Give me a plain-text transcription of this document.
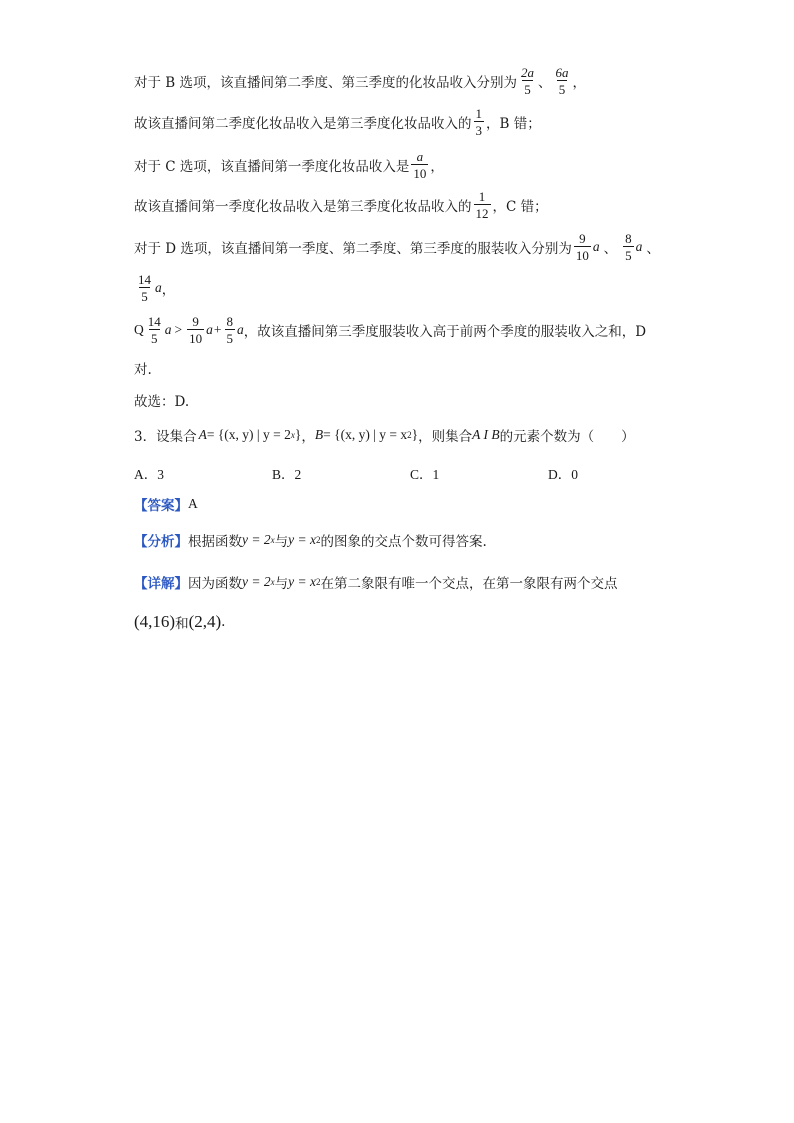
对于 B 选项，该直播间第二季度、第三季度的化妆品收入分别为 $\frac{2a}{5}$ 、 $\frac{6a}{5}$ ，
故该直播间第二季度化妆品收入是第三季度化妆品收入的 $\frac{1}{3}$ ，B 错；
对于 C 选项，该直播间第一季度化妆品收入是 $\frac{a}{10}$ ，
故该直播间第一季度化妆品收入是第三季度化妆品收入的 $\frac{1}{12}$ ，C 错；
对于 D 选项，该直播间第一季度、第二季度、第三季度的服装收入分别为 $\frac{9}{10}$ a 、 $\frac{8}{5}$ a 、
$\frac{14}{5}$ a ，
Q $\frac{14}{5}$ $a > \frac{9}{10}$ $a + \frac{8}{5}$ a ，故该直播间第三季度服装收入高于前两个季度的服装收入之和，D
对.
故选：D.
3．设集合 A = {(x, y) | y = 2 x } ， B = {(x, y) | y = x 2 } ，则集合 A I B 的元素个数为（　　）
A．3	B．2	C．1	D．0
【答案】 A
【分析】 根据函数 y = 2 x 与 y = x 2 的图象的交点个数可得答案.
【详解】 因为函数 y = 2 x 与 y = x 2 在第二象限有唯一个交点，在第一象限有两个交点
(4,16) 和 (2,4) .
